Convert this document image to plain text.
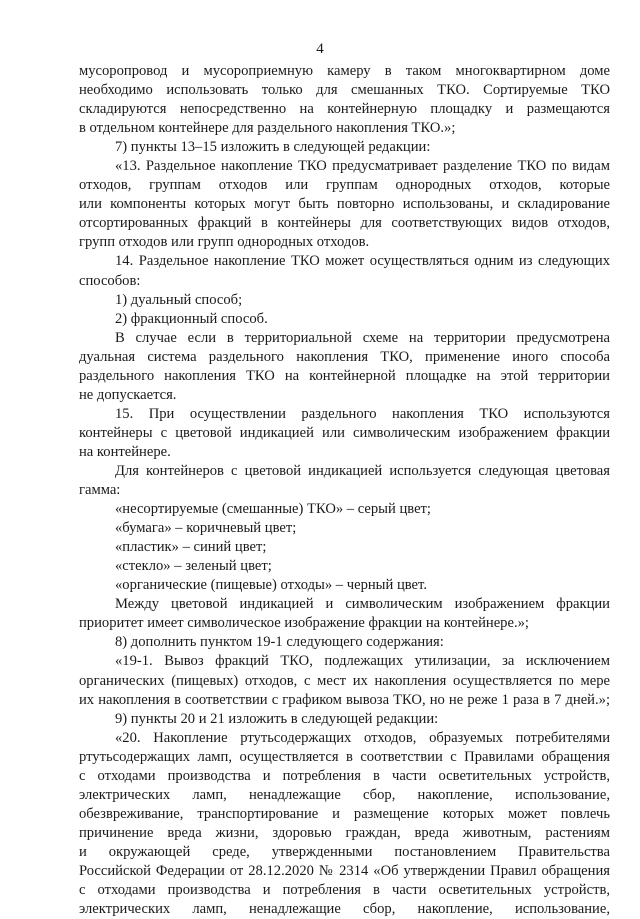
4
мусоропровод и мусороприемную камеру в таком многоквартирном доме
необходимо использовать только для смешанных ТКО. Сортируемые ТКО
складируются непосредственно на контейнерную площадку и размещаются
в отдельном контейнере для раздельного накопления ТКО.»;
7) пункты 13–15 изложить в следующей редакции:
«13. Раздельное накопление ТКО предусматривает разделение ТКО по видам
отходов, группам отходов или группам однородных отходов, которые
или компоненты которых могут быть повторно использованы, и складирование
отсортированных фракций в контейнеры для соответствующих видов отходов,
групп отходов или групп однородных отходов.
14. Раздельное накопление ТКО может осуществляться одним из следующих
способов:
1) дуальный способ;
2) фракционный способ.
В случае если в территориальной схеме на территории предусмотрена
дуальная система раздельного накопления ТКО, применение иного способа
раздельного накопления ТКО на контейнерной площадке на этой территории
не допускается.
15. При осуществлении раздельного накопления ТКО используются
контейнеры с цветовой индикацией или символическим изображением фракции
на контейнере.
Для контейнеров с цветовой индикацией используется следующая цветовая
гамма:
«несортируемые (смешанные) ТКО» – серый цвет;
«бумага» – коричневый цвет;
«пластик» – синий цвет;
«стекло» – зеленый цвет;
«органические (пищевые) отходы» – черный цвет.
Между цветовой индикацией и символическим изображением фракции
приоритет имеет символическое изображение фракции на контейнере.»;
8) дополнить пунктом 19-1 следующего содержания:
«19-1. Вывоз фракций ТКО, подлежащих утилизации, за исключением
органических (пищевых) отходов, с мест их накопления осуществляется по мере
их накопления в соответствии с графиком вывоза ТКО, но не реже 1 раза в 7 дней.»;
9) пункты 20 и 21 изложить в следующей редакции:
«20. Накопление ртутьсодержащих отходов, образуемых потребителями
ртутьсодержащих ламп, осуществляется в соответствии с Правилами обращения
с отходами производства и потребления в части осветительных устройств,
электрических ламп, ненадлежащие сбор, накопление, использование,
обезвреживание, транспортирование и размещение которых может повлечь
причинение вреда жизни, здоровью граждан, вреда животным, растениям
и окружающей среде, утвержденными постановлением Правительства
Российской Федерации от 28.12.2020 № 2314 «Об утверждении Правил обращения
с отходами производства и потребления в части осветительных устройств,
электрических ламп, ненадлежащие сбор, накопление, использование,
